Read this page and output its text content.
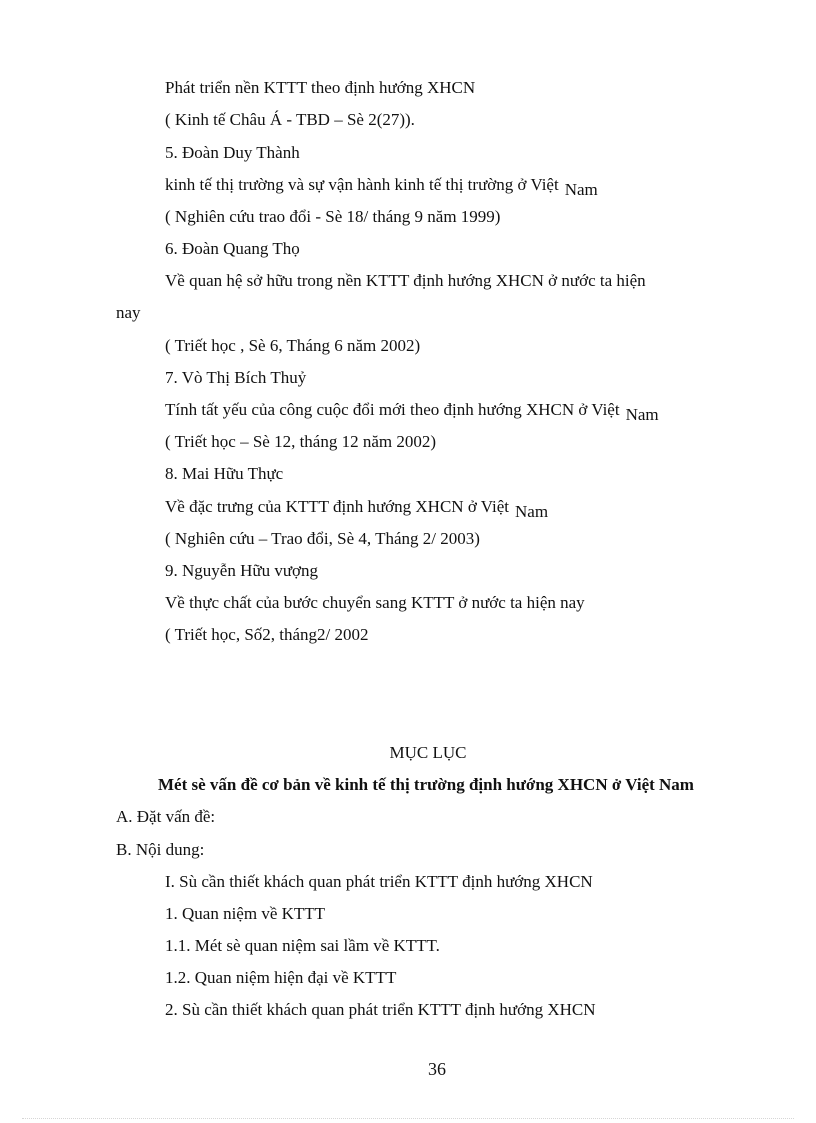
Phát triển nền KTTT theo định hướng XHCN
( Kinh tế Châu Á - TBD – Sè 2(27)).
5. Đoàn Duy Thành
kinh tế thị trường và sự vận hành kinh tế thị trường ở Việt Nam
( Nghiên cứu trao đổi - Sè 18/ tháng 9 năm 1999)
6. Đoàn Quang Thọ
Về quan hệ sở hữu trong nền KTTT định hướng XHCN ở nước ta hiện
nay
( Triết học , Sè 6, Tháng 6 năm 2002)
7. Vò Thị Bích Thuỷ
Tính tất yếu của công cuộc đổi mới theo định hướng XHCN ở Việt Nam
( Triết học – Sè 12, tháng 12 năm 2002)
8. Mai Hữu Thực
Về đặc trưng của KTTT định hướng XHCN ở Việt Nam
( Nghiên cứu – Trao đổi, Sè 4, Tháng 2/ 2003)
9. Nguyễn Hữu vượng
Về thực chất của bước chuyển sang KTTT ở nước ta hiện nay
( Triết học, Số2, tháng2/ 2002
MỤC LỤC
Mét sè vấn đề cơ bản về kinh tế thị trường định hướng XHCN ở Việt Nam
A. Đặt vấn đề:
B. Nội dung:
I. Sù cần thiết khách quan phát triển KTTT định hướng XHCN
1. Quan niệm về KTTT
1.1. Mét sè quan niệm sai lầm về KTTT.
1.2. Quan niệm hiện đại về KTTT
2. Sù cần thiết khách quan phát triển KTTT định hướng XHCN
36
